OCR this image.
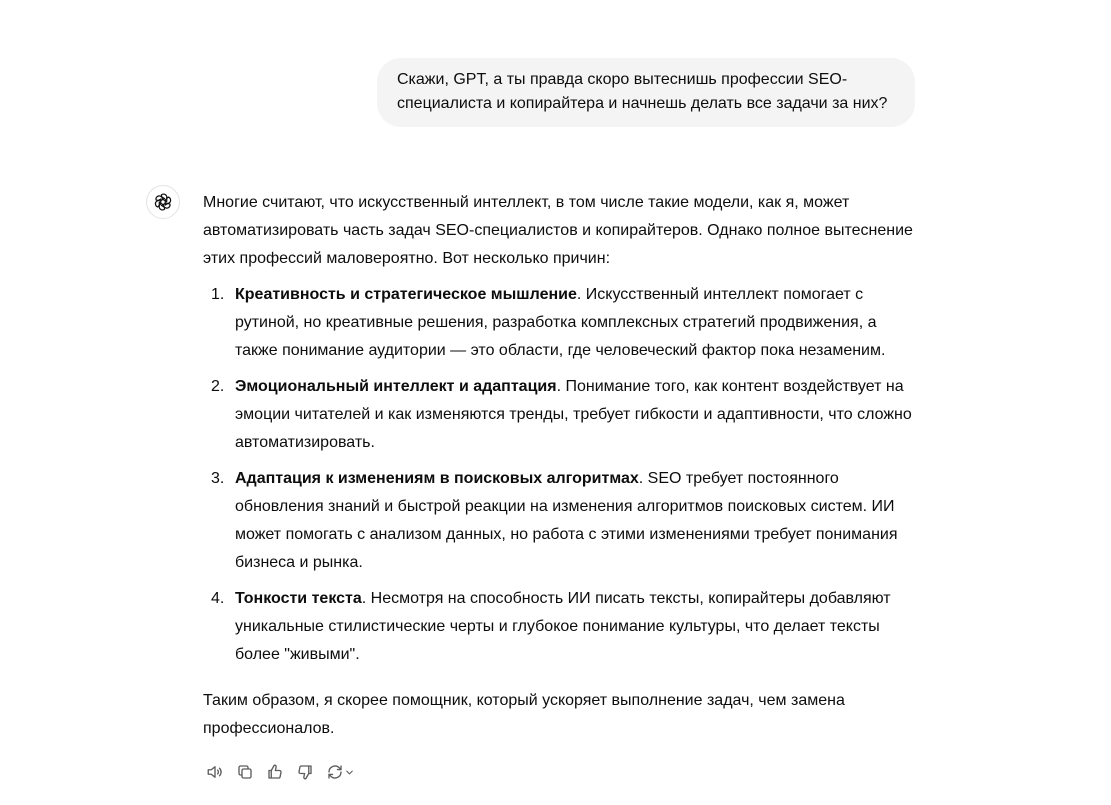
Скажи, GPT, а ты правда скоро вытеснишь профессии SEO-специалиста и копирайтера и начнешь делать все задачи за них?

Многие считают, что искусственный интеллект, в том числе такие модели, как я, может автоматизировать часть задач SEO-специалистов и копирайтеров. Однако полное вытеснение этих профессий маловероятно. Вот несколько причин:

1. Креативность и стратегическое мышление. Искусственный интеллект помогает с рутиной, но креативные решения, разработка комплексных стратегий продвижения, а также понимание аудитории — это области, где человеческий фактор пока незаменим.
2. Эмоциональный интеллект и адаптация. Понимание того, как контент воздействует на эмоции читателей и как изменяются тренды, требует гибкости и адаптивности, что сложно автоматизировать.
3. Адаптация к изменениям в поисковых алгоритмах. SEO требует постоянного обновления знаний и быстрой реакции на изменения алгоритмов поисковых систем. ИИ может помогать с анализом данных, но работа с этими изменениями требует понимания бизнеса и рынка.
4. Тонкости текста. Несмотря на способность ИИ писать тексты, копирайтеры добавляют уникальные стилистические черты и глубокое понимание культуры, что делает тексты более "живыми".

Таким образом, я скорее помощник, который ускоряет выполнение задач, чем замена профессионалов.
